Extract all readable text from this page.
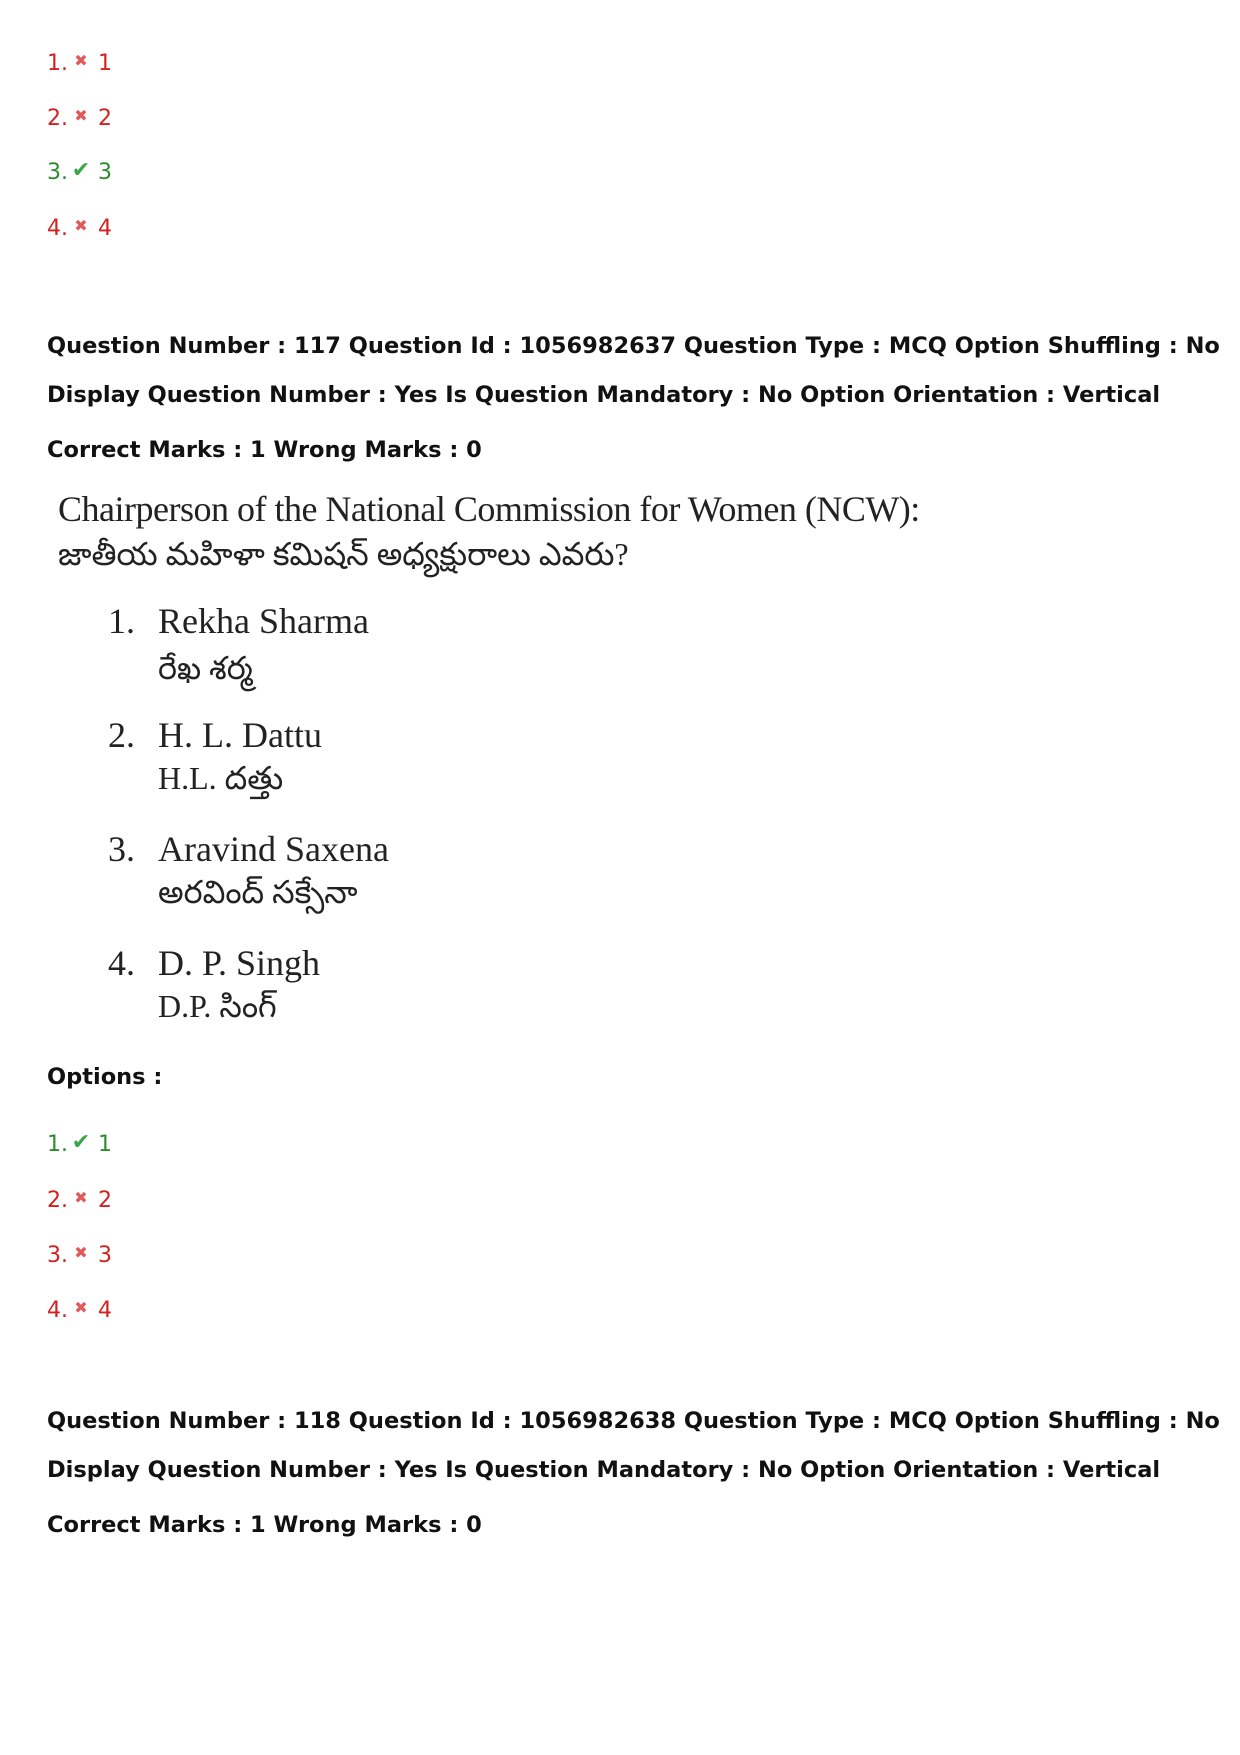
1. ✖ 1
2. ✖ 2
3. ✔ 3
4. ✖ 4
Question Number : 117 Question Id : 1056982637 Question Type : MCQ Option Shuffling : No
Display Question Number : Yes Is Question Mandatory : No Option Orientation : Vertical
Correct Marks : 1 Wrong Marks : 0
Chairperson of the National Commission for Women (NCW):
జాతీయ మహిళా కమిషన్ అధ్యక్షురాలు ఎవరు?
1. Rekha Sharma
రేఖ శర్మ
2. H. L. Dattu
H.L. దత్తు
3. Aravind Saxena
అరవింద్ సక్సేనా
4. D. P. Singh
D.P. సింగ్
Options :
1. ✔ 1
2. ✖ 2
3. ✖ 3
4. ✖ 4
Question Number : 118 Question Id : 1056982638 Question Type : MCQ Option Shuffling : No
Display Question Number : Yes Is Question Mandatory : No Option Orientation : Vertical
Correct Marks : 1 Wrong Marks : 0
